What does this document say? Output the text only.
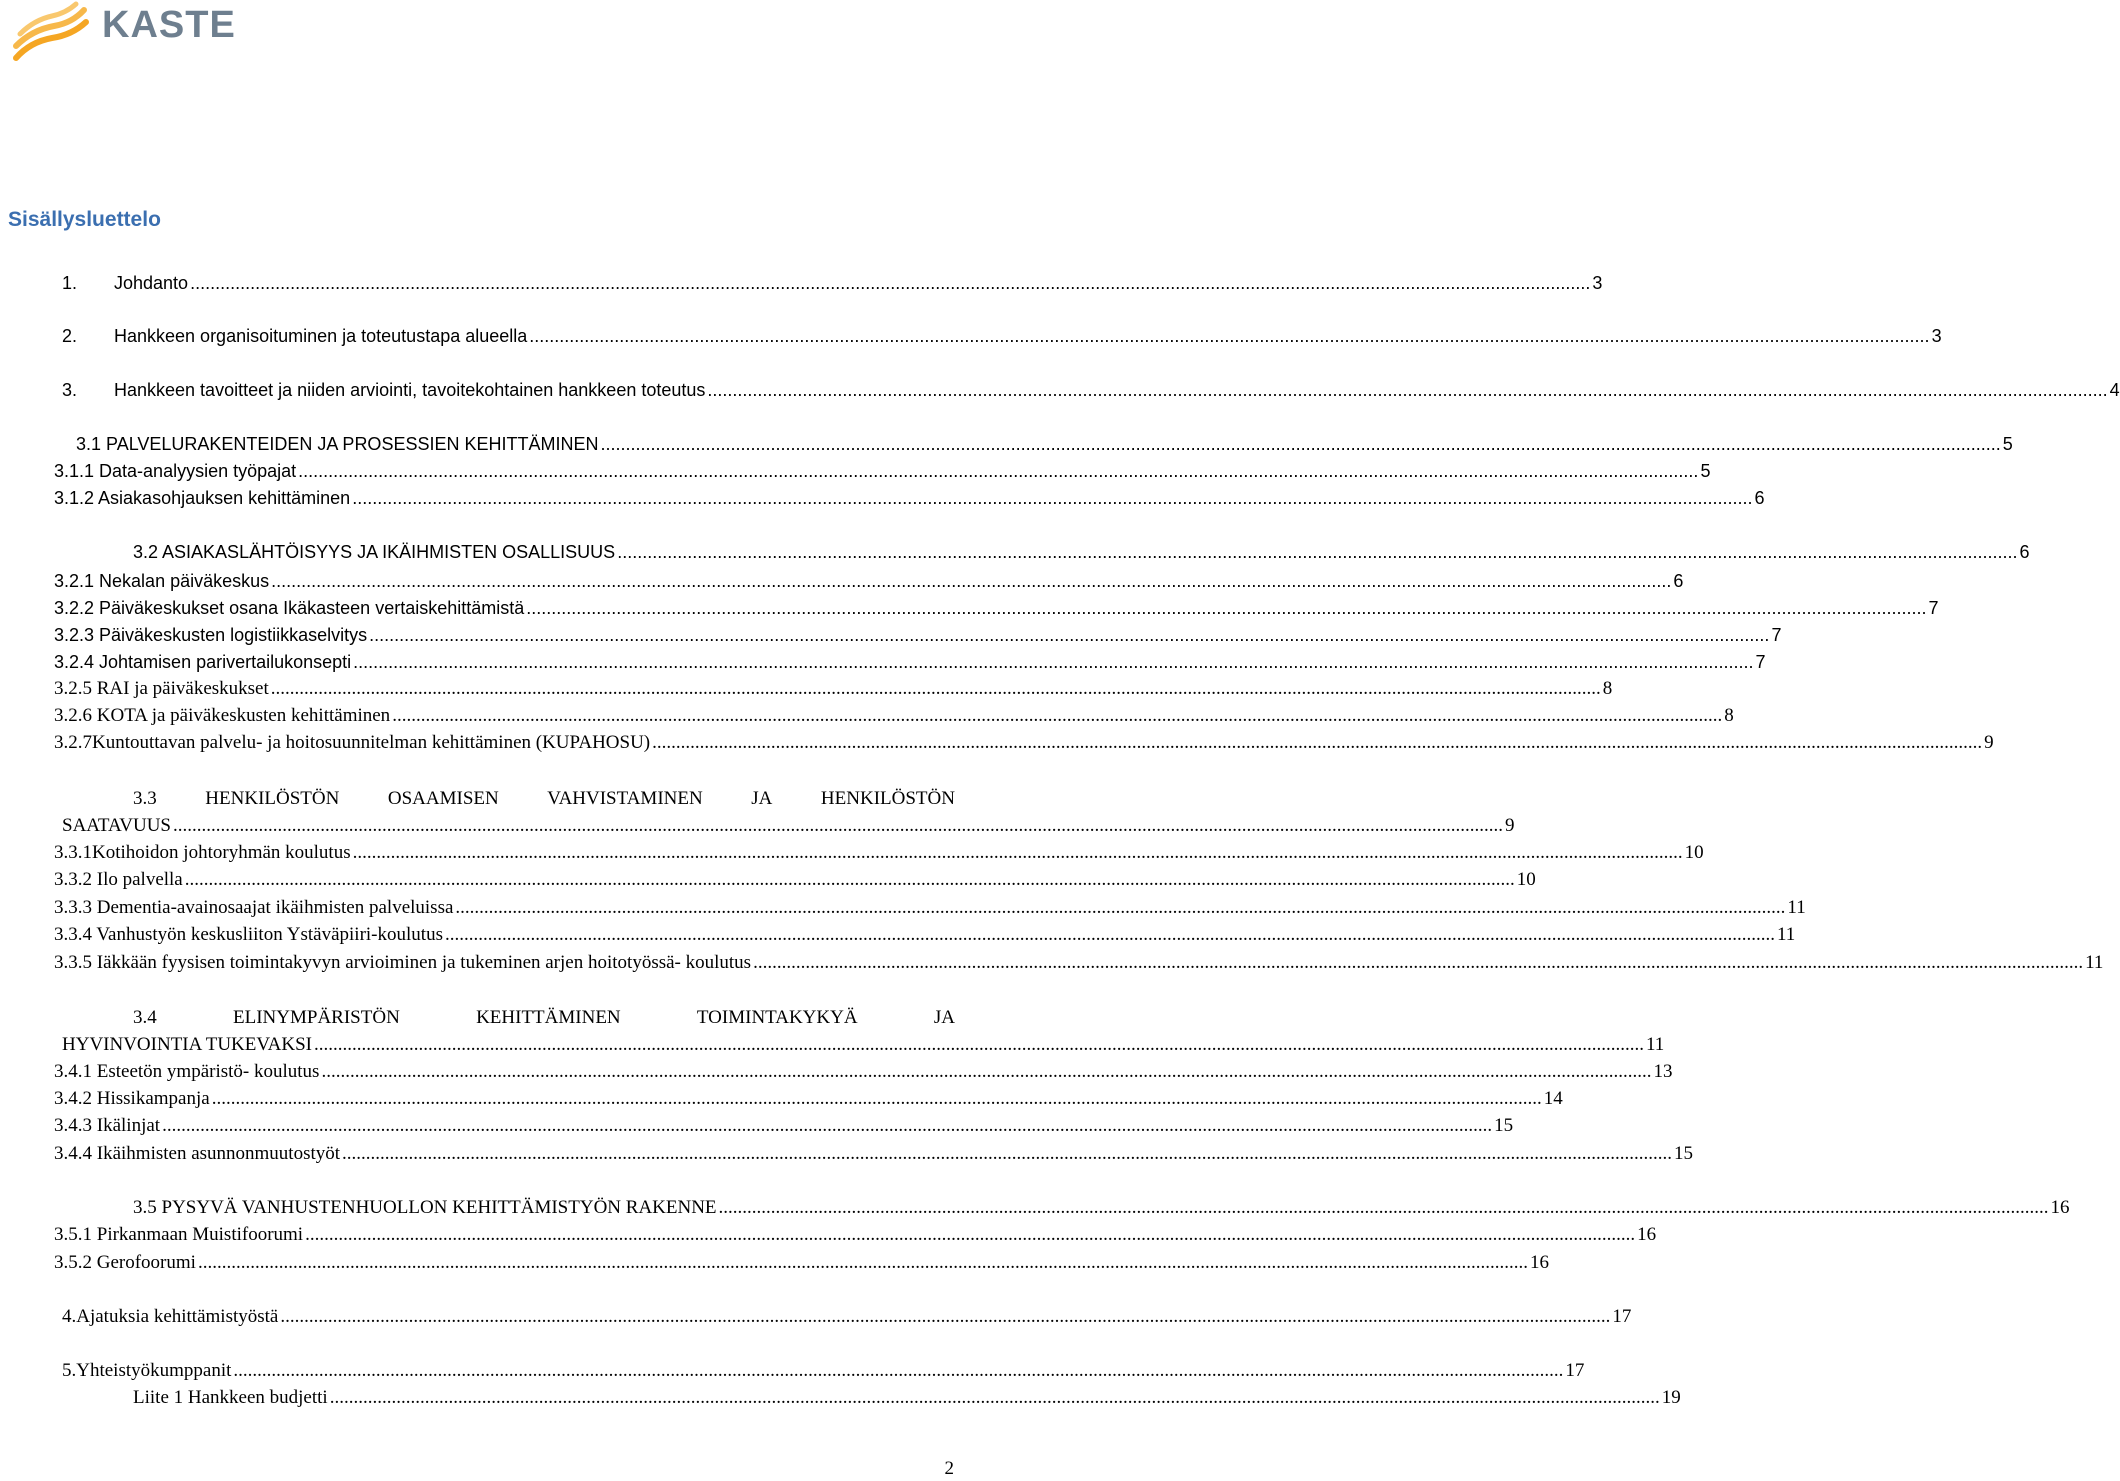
KASTE
Sisällysluettelo
1.	Johdanto .....	3
2.	Hankkeen organisoituminen ja toteutustapa alueella .....	3
3.	Hankkeen tavoitteet ja niiden arviointi, tavoitekohtainen hankkeen toteutus .....	4
3.1 PALVELURAKENTEIDEN JA PROSESSIEN KEHITTÄMINEN .....	5
3.1.1 Data-analyysien työpajat .....	5
3.1.2 Asiakasohjauksen kehittäminen .....	6
3.2 ASIAKASLÄHTÖISYYS JA IKÄIHMISTEN OSALLISUUS .....	6
3.2.1 Nekalan päiväkeskus .....	6
3.2.2 Päiväkeskukset osana Ikäkasteen vertaiskehittämistä .....	7
3.2.3 Päiväkeskusten logistiikkaselvitys .....	7
3.2.4 Johtamisen parivertailukonsepti .....	7
3.2.5 RAI ja päiväkeskukset .....	8
3.2.6 KOTA ja päiväkeskusten kehittäminen .....	8
3.2.7Kuntouttavan palvelu- ja hoitosuunnitelman kehittäminen (KUPAHOSU) .....	9
3.3	HENKILÖSTÖN	OSAAMISEN	VAHVISTAMINEN	JA	HENKILÖSTÖN
SAATAVUUS .....	9
3.3.1Kotihoidon johtoryhmän koulutus .....	10
3.3.2 Ilo palvella .....	10
3.3.3 Dementia-avainosaajat ikäihmisten palveluissa .....	11
3.3.4 Vanhustyön keskusliiton Ystäväpiiri-koulutus .....	11
3.3.5 Iäkkään fyysisen toimintakyvyn arvioiminen ja tukeminen arjen hoitotyössä- koulutus .....	11
3.4	ELINYMPÄRISTÖN	KEHITTÄMINEN	TOIMINTAKYKYÄ	JA
HYVINVOINTIA TUKEVAKSI .....	11
3.4.1 Esteetön ympäristö- koulutus .....	13
3.4.2 Hissikampanja .....	14
3.4.3 Ikälinjat .....	15
3.4.4 Ikäihmisten asunnonmuutostyöt .....	15
3.5 PYSYVÄ VANHUSTENHUOLLON KEHITTÄMISTYÖN RAKENNE .....	16
3.5.1 Pirkanmaan Muistifoorumi .....	16
3.5.2 Gerofoorumi .....	16
4.Ajatuksia kehittämistyöstä .....	17
5.Yhteistyökumppanit .....	17
Liite 1 Hankkeen budjetti .....	19
2
